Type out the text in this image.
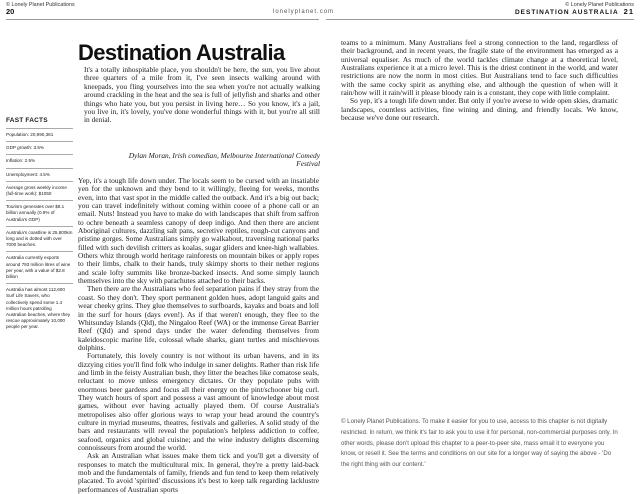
© Lonely Planet Publications
20	lonelyplanet.com
© Lonely Planet Publications
DESTINATION AUSTRALIA 21
Destination Australia

It's a totally inhospitable place, you shouldn't be here, the sun, you live about three quarters of a mile from it, I've seen insects walking around with kneepads, you fling yourselves into the sea when you're not actually walking around crackling in the heat and the sea is full of jellyfish and sharks and other things who hate you, but you persist in living here… So you know, it's a jail, you live in, it's lovely, you've done wonderful things with it, but you're all still in denial.

Dylan Moran, Irish comedian, Melbourne International Comedy Festival

FAST FACTS
Population: 20,990,381
GDP growth: 3.5%
Inflation: 2.5%
Unemployment: 4.5%
Average gross weekly income (full-time work): $1050
Tourism generates over $8.1 billion annually (0.9% of Australia's GDP)
Australia's coastline is 25,800km long and is dotted with over 7000 beaches.
Australia currently exports around 793 million litres of wine per year, with a value of $2.8 billion
Australia has almost 112,600 Surf Life Savers, who collectively spend some 1.4 million hours patrolling Australian beaches, where they rescue approximately 10,000 people per year.

Yep, it's a tough life down under. The locals seem to be cursed with an insatiable yen for the unknown and they bend to it willingly, fleeing for weeks, months even, into that vast spot in the middle called the outback. And it's a big out back; you can travel indefinitely without coming within cooee of a phone call or an email. Nuts! Instead you have to make do with landscapes that shift from saffron to ochre beneath a seamless canopy of deep indigo. And then there are ancient Aboriginal cultures, dazzling salt pans, secretive reptiles, rough-cut canyons and pristine gorges. Some Australians simply go walkabout, traversing national parks filled with such devilish critters as koalas, sugar gliders and knee-high wallabies. Others whiz through world heritage rainforests on mountain bikes or apply ropes to their limbs, chalk to their hands, truly skimpy shorts to their nether regions and scale lofty summits like bronze-backed insects. And some simply launch themselves into the sky with parachutes attached to their backs.

Then there are the Australians who feel separation pains if they stray from the coast. So they don't. They sport permanent golden hues, adopt languid gaits and wear cheeky grins. They glue themselves to surfboards, kayaks and boats and loll in the surf for hours (days even!). As if that weren't enough, they flee to the Whitsunday Islands (Qld), the Ningaloo Reef (WA) or the immense Great Barrier Reef (Qld) and spend days under the water defending themselves from kaleidoscopic marine life, colossal whale sharks, giant turtles and mischievous dolphins.

Fortunately, this lovely country is not without its urban havens, and in its dizzying cities you'll find folk who indulge in saner delights. Rather than risk life and limb in the feisty Australian bush, they litter the beaches like comatose seals, reluctant to move unless emergency dictates. Or they populate pubs with enormous beer gardens and focus all their energy on the pint/schooner big curl. They watch hours of sport and possess a vast amount of knowledge about most games, without ever having actually played them. Of course Australia's metropolises also offer glorious ways to wrap your head around the country's culture in myriad museums, theatres, festivals and galleries. A solid study of the bars and restaurants will reveal the population's helpless addiction to coffee, seafood, organics and global cuisine; and the wine industry delights discerning connoisseurs from around the world.

Ask an Australian what issues make them tick and you'll get a diversity of responses to match the multicultural mix. In general, they're a pretty laid-back mob and the fundamentals of family, friends and fun tend to keep them relatively placated. To avoid 'spirited' discussions it's best to keep talk regarding lacklustre performances of Australian sports

teams to a minimum. Many Australians feel a strong connection to the land, regardless of their background, and in recent years, the fragile state of the environment has emerged as a universal equaliser. As much of the world tackles climate change at a theoretical level, Australians experience it at a micro level. This is the driest continent in the world, and water restrictions are now the norm in most cities. But Australians tend to face such difficulties with the same cocky spirit as anything else, and although the question of when will it rain/how will it rain/will it please bloody rain is a constant, they cope with little complaint.

So yep, it's a tough life down under. But only if you're averse to wide open skies, dramatic landscapes, countless activities, fine wining and dining, and friendly locals. We know, because we've done our research.

© Lonely Planet Publications. To make it easier for you to use, access to this chapter is not digitally restricted. In return, we think it's fair to ask you to use it for personal, non-commercial purposes only. In other words, please don't upload this chapter to a peer-to-peer site, mass email it to everyone you know, or resell it. See the terms and conditions on our site for a longer way of saying the above - 'Do the right thing with our content.'
